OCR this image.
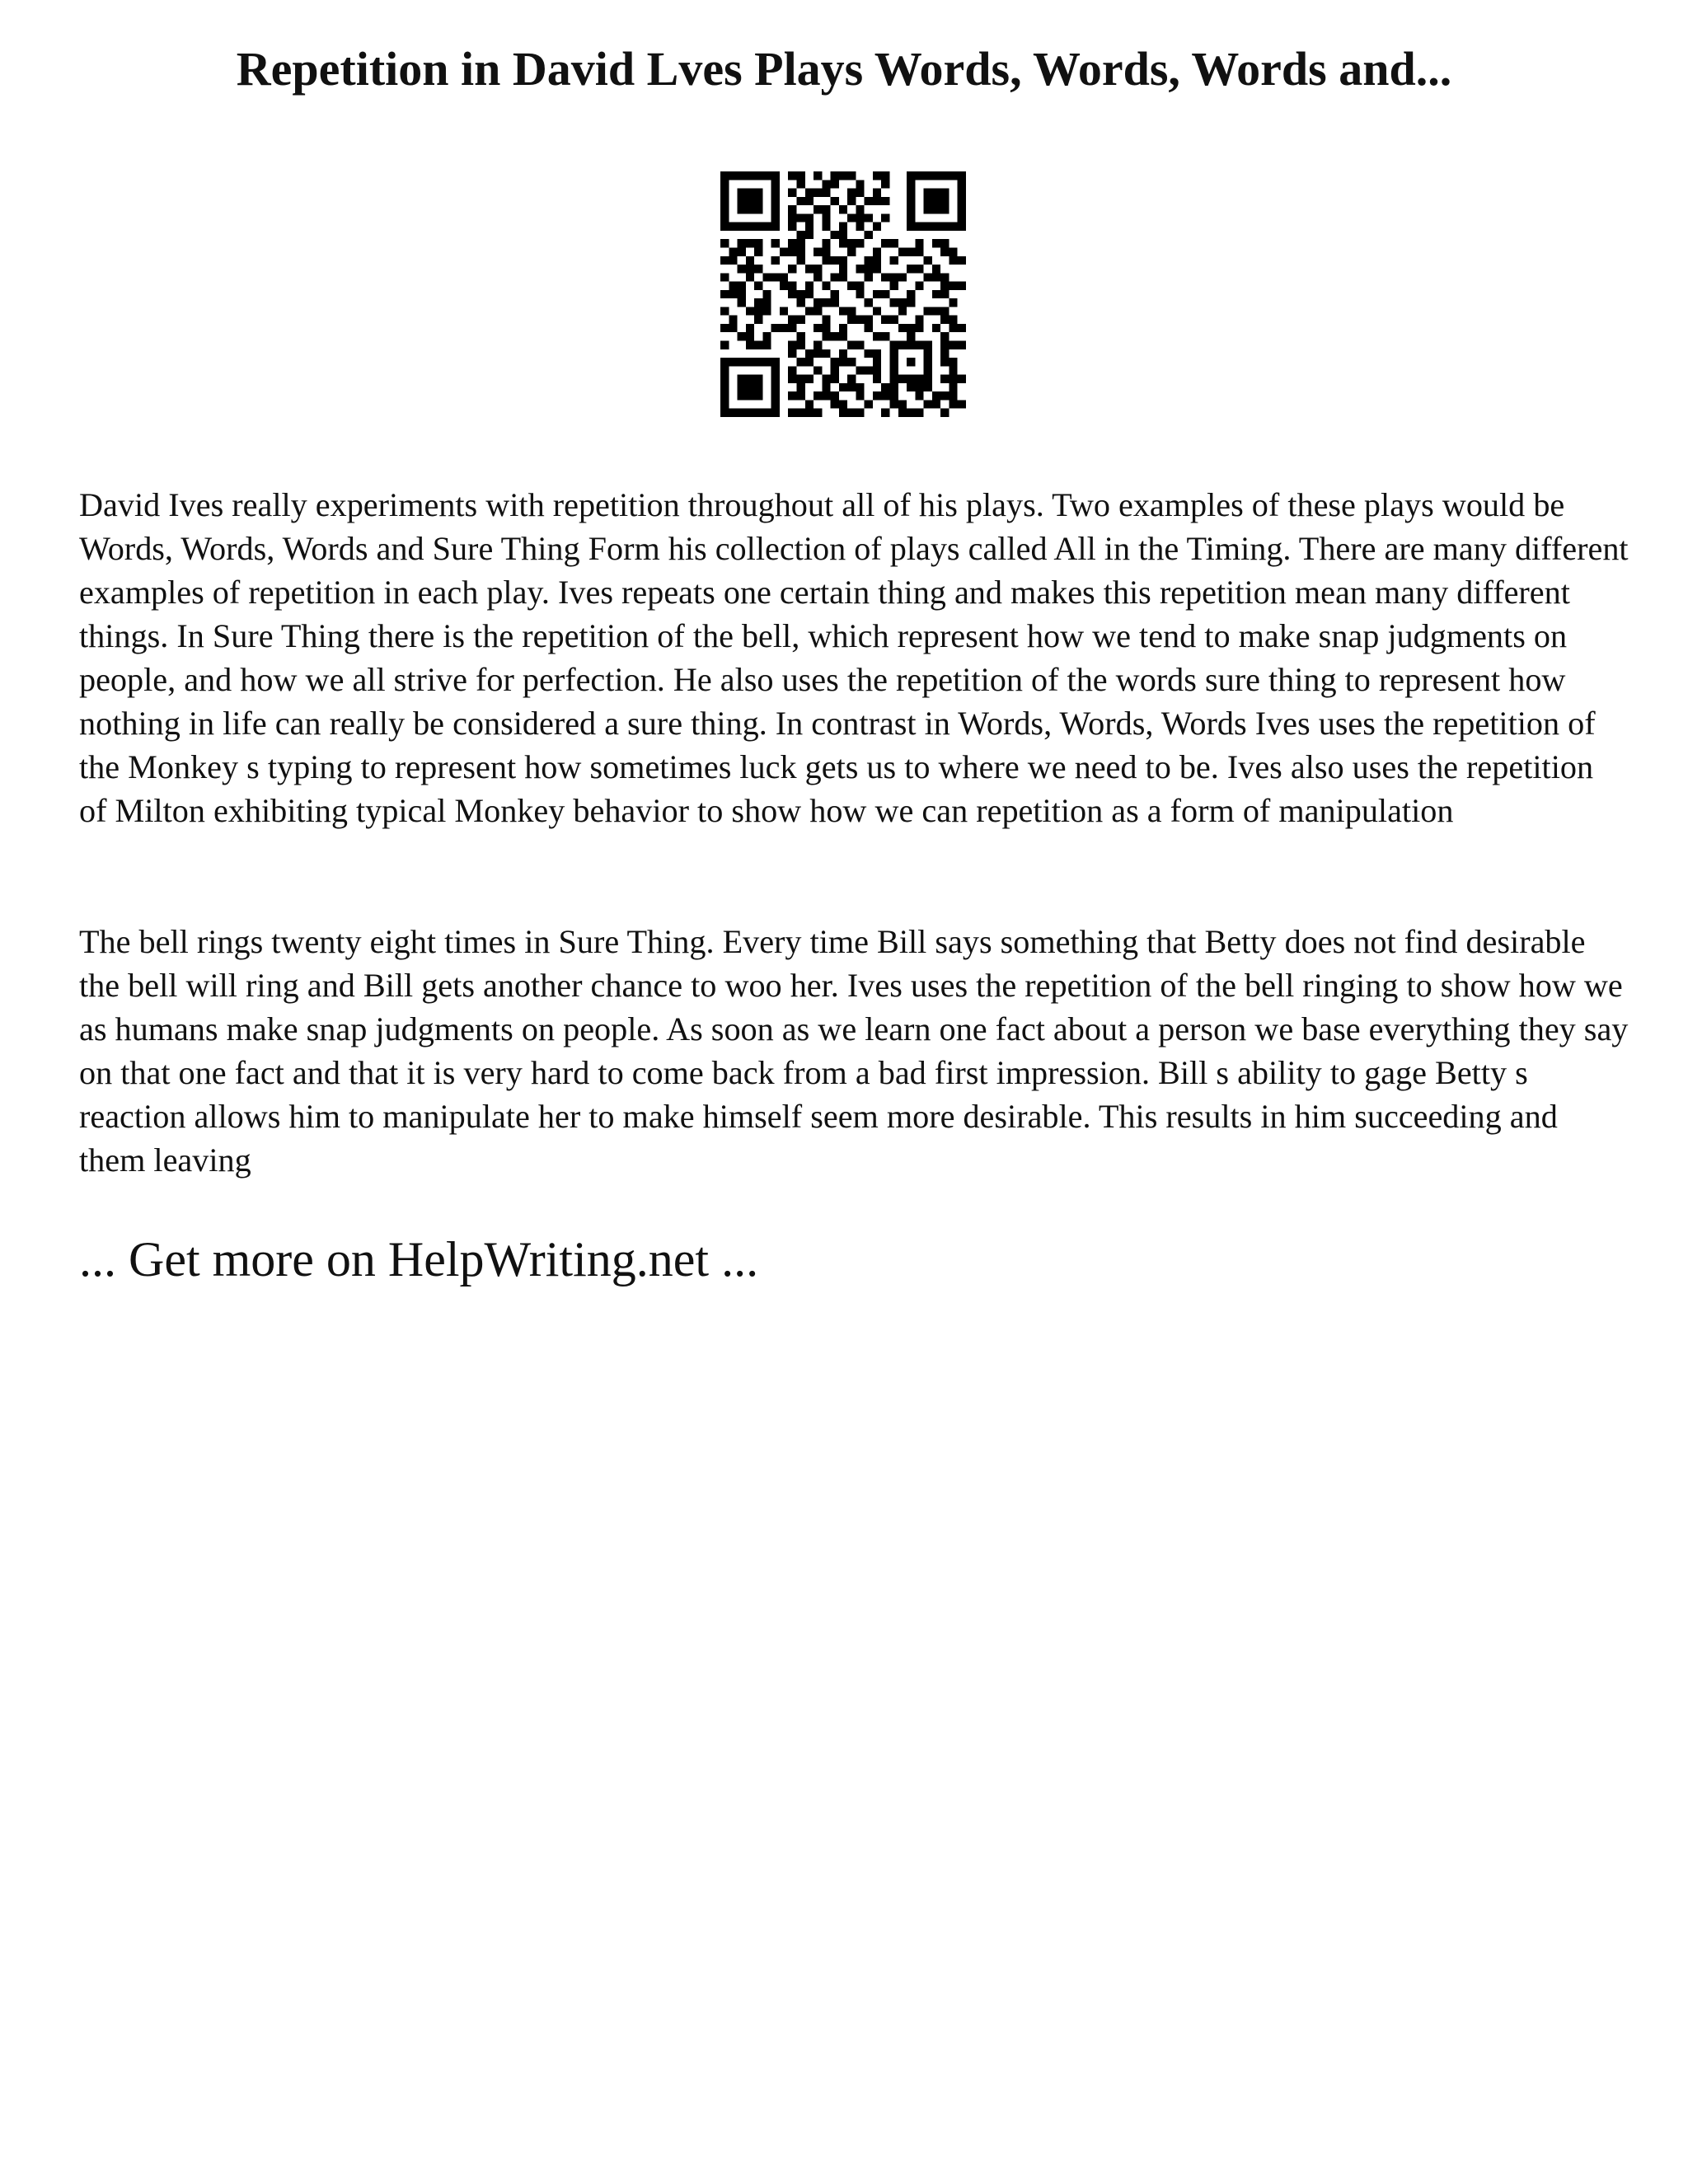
Repetition in David Lves Plays Words, Words, Words and...

David Ives really experiments with repetition throughout all of his plays. Two examples of these plays would be Words, Words, Words and Sure Thing Form his collection of plays called All in the Timing. There are many different examples of repetition in each play. Ives repeats one certain thing and makes this repetition mean many different things. In Sure Thing there is the repetition of the bell, which represent how we tend to make snap judgments on people, and how we all strive for perfection. He also uses the repetition of the words sure thing to represent how nothing in life can really be considered a sure thing. In contrast in Words, Words, Words Ives uses the repetition of the Monkey s typing to represent how sometimes luck gets us to where we need to be. Ives also uses the repetition of Milton exhibiting typical Monkey behavior to show how we can repetition as a form of manipulation

The bell rings twenty eight times in Sure Thing. Every time Bill says something that Betty does not find desirable the bell will ring and Bill gets another chance to woo her. Ives uses the repetition of the bell ringing to show how we as humans make snap judgments on people. As soon as we learn one fact about a person we base everything they say on that one fact and that it is very hard to come back from a bad first impression. Bill s ability to gage Betty s reaction allows him to manipulate her to make himself seem more desirable. This results in him succeeding and them leaving

... Get more on HelpWriting.net ...
